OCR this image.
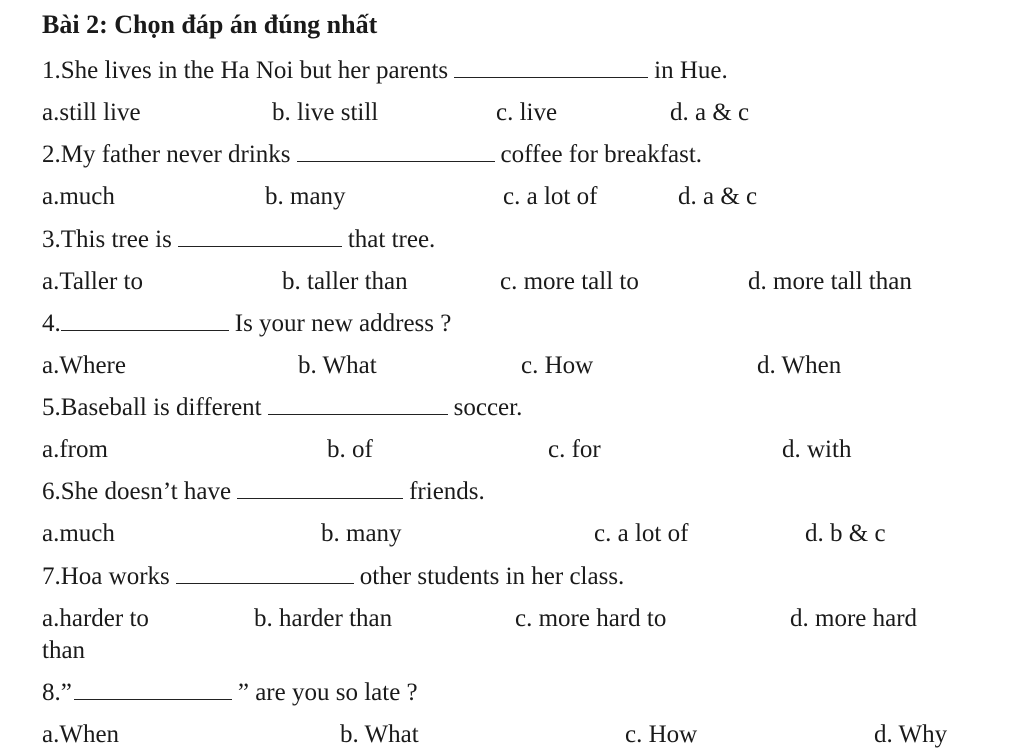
Bài 2: Chọn đáp án đúng nhất
1.She lives in the Ha Noi but her parents	in Hue.
a.still live	b. live still	c. live	d. a & c
2.My father never drinks	coffee for breakfast.
a.much	b. many	c. a lot of	d. a & c
3.This tree is	that tree.
a.Taller to	b. taller than	c. more tall to	d. more tall than
4.	Is your new address ?
a.Where	b. What	c. How	d. When
5.Baseball is different	soccer.
a.from	b. of	c. for	d. with
6.She doesn’t have	friends.
a.much	b. many	c. a lot of	d. b & c
7.Hoa works	other students in her class.
a.harder to
than
b. harder than	c. more hard to	d. more hard
8.”	” are you so late ?
a.When	b. What	c. How	d. Why
